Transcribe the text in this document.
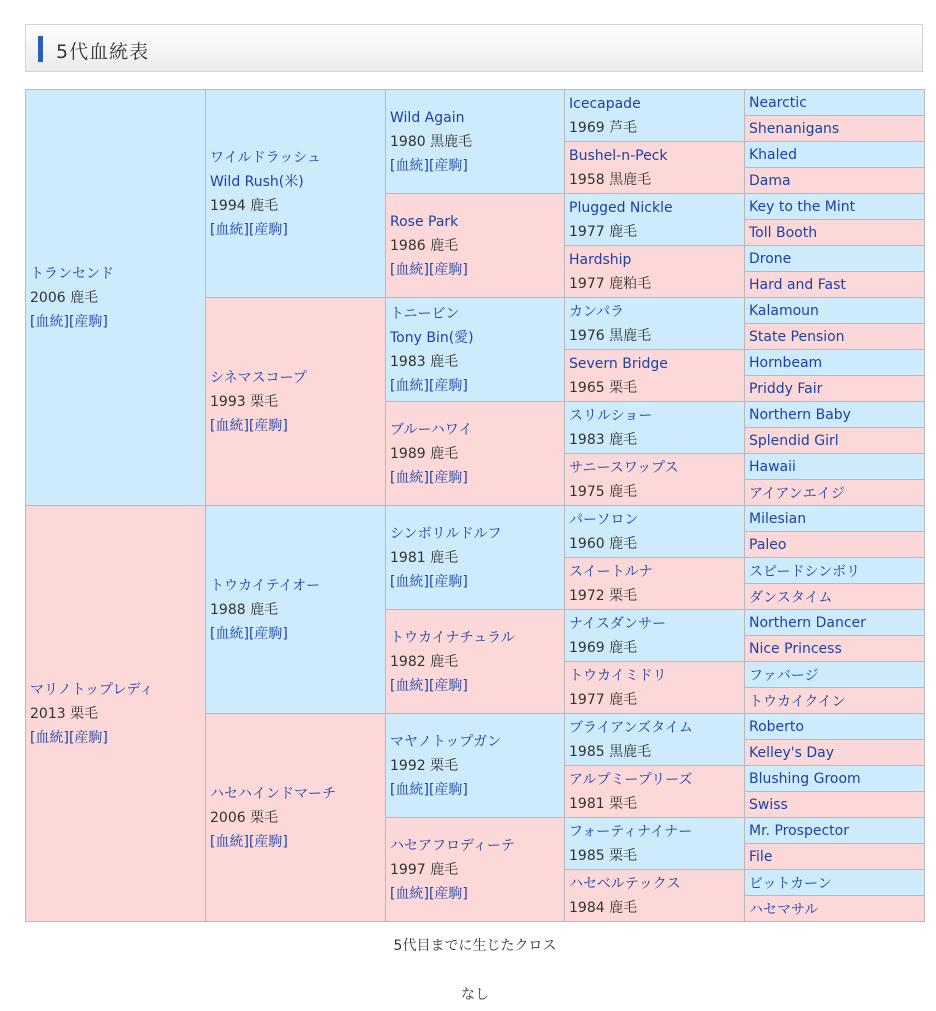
5代血統表
トランセンド
2006 鹿毛
[血統][産駒]
マリノトップレディ
2013 栗毛
[血統][産駒]
ワイルドラッシュ
Wild Rush(米)
1994 鹿毛
[血統][産駒]
シネマスコープ
1993 栗毛
[血統][産駒]
トウカイテイオー
1988 鹿毛
[血統][産駒]
ハセハインドマーチ
2006 栗毛
[血統][産駒]
Wild Again
1980 黒鹿毛
[血統][産駒]
Rose Park
1986 鹿毛
[血統][産駒]
トニービン
Tony Bin(愛)
1983 鹿毛
[血統][産駒]
ブルーハワイ
1989 鹿毛
[血統][産駒]
シンボリルドルフ
1981 鹿毛
[血統][産駒]
トウカイナチュラル
1982 鹿毛
[血統][産駒]
マヤノトップガン
1992 栗毛
[血統][産駒]
ハセアフロディーテ
1997 鹿毛
[血統][産駒]
Icecapade
1969 芦毛
Bushel-n-Peck
1958 黒鹿毛
Plugged Nickle
1977 鹿毛
Hardship
1977 鹿粕毛
カンパラ
1976 黒鹿毛
Severn Bridge
1965 栗毛
スリルショー
1983 鹿毛
サニースワップス
1975 鹿毛
パーソロン
1960 鹿毛
スイートルナ
1972 栗毛
ナイスダンサー
1969 鹿毛
トウカイミドリ
1977 鹿毛
ブライアンズタイム
1985 黒鹿毛
アルプミープリーズ
1981 栗毛
フォーティナイナー
1985 栗毛
ハセベルテックス
1984 鹿毛
Nearctic
Shenanigans
Khaled
Dama
Key to the Mint
Toll Booth
Drone
Hard and Fast
Kalamoun
State Pension
Hornbeam
Priddy Fair
Northern Baby
Splendid Girl
Hawaii
アイアンエイジ
Milesian
Paleo
スピードシンボリ
ダンスタイム
Northern Dancer
Nice Princess
ファバージ
トウカイクイン
Roberto
Kelley's Day
Blushing Groom
Swiss
Mr. Prospector
File
ビットカーン
ハセマサル
5代目までに生じたクロス
なし
